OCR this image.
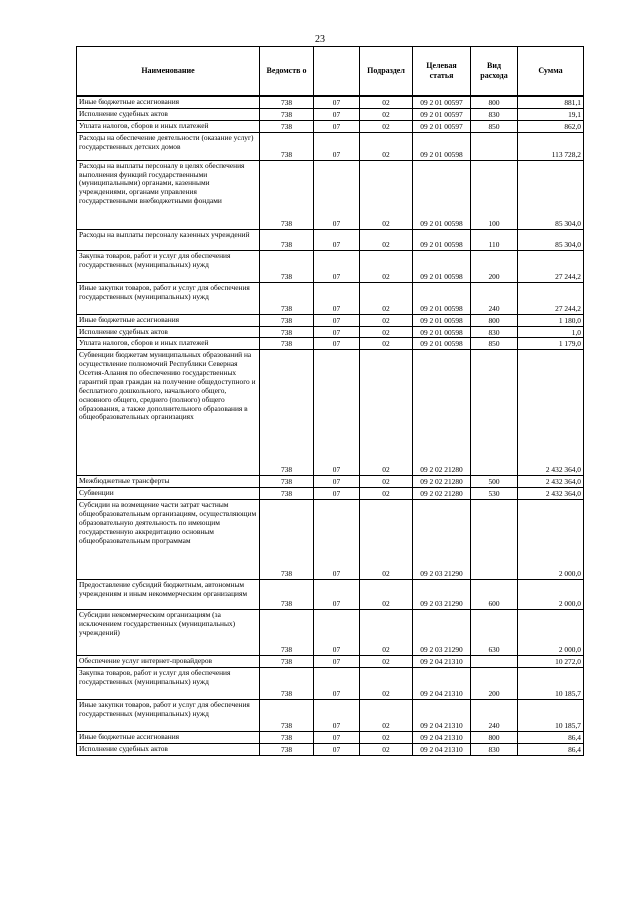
23
Наименование	Ведомств о		Подраздел	Целевая статья	Вид расхода	Сумма
Иные бюджетные ассигнования	738	07	02	09 2 01 00597	800	881,1
Исполнение судебных актов	738	07	02	09 2 01 00597	830	19,1
Уплата налогов, сборов и иных платежей	738	07	02	09 2 01 00597	850	862,0
Расходы на обеспечение деятельности (оказание услуг) государственных детских домов	738	07	02	09 2 01 00598		113 728,2
Расходы на выплаты персоналу в целях обеспечения выполнения функций государственными (муниципальными) органами, казенными учреждениями, органами управления государственными внебюджетными фондами	738	07	02	09 2 01 00598	100	85 304,0
Расходы на выплаты персоналу казенных учреждений	738	07	02	09 2 01 00598	110	85 304,0
Закупка товаров, работ и услуг для обеспечения государственных (муниципальных) нужд	738	07	02	09 2 01 00598	200	27 244,2
Иные закупки товаров, работ и услуг для обеспечения государственных (муниципальных) нужд	738	07	02	09 2 01 00598	240	27 244,2
Иные бюджетные ассигнования	738	07	02	09 2 01 00598	800	1 180,0
Исполнение судебных актов	738	07	02	09 2 01 00598	830	1,0
Уплата налогов, сборов и иных платежей	738	07	02	09 2 01 00598	850	1 179,0
Субвенции бюджетам муниципальных образований на осуществление полномочий Республики Северная Осетия-Алания по обеспечению государственных гарантий прав граждан на получение общедоступного и бесплатного дошкольного, начального общего, основного общего, среднего (полного) общего образования, а также дополнительного образования в общеобразовательных организациях	738	07	02	09 2 02 21280		2 432 364,0
Межбюджетные трансферты	738	07	02	09 2 02 21280	500	2 432 364,0
Субвенции	738	07	02	09 2 02 21280	530	2 432 364,0
Субсидии на возмещение части затрат частным общеобразовательным организациям, осуществляющим образовательную деятельность по имеющим государственную аккредитацию основным общеобразовательным программам	738	07	02	09 2 03 21290		2 000,0
Предоставление субсидий бюджетным, автономным учреждениям и иным некоммерческим организациям	738	07	02	09 2 03 21290	600	2 000,0
Субсидии некоммерческим организациям (за исключением государственных (муниципальных) учреждений)	738	07	02	09 2 03 21290	630	2 000,0
Обеспечение услуг интернет-провайдеров	738	07	02	09 2 04 21310		10 272,0
Закупка товаров, работ и услуг для обеспечения государственных (муниципальных) нужд	738	07	02	09 2 04 21310	200	10 185,7
Иные закупки товаров, работ и услуг для обеспечения государственных (муниципальных) нужд	738	07	02	09 2 04 21310	240	10 185,7
Иные бюджетные ассигнования	738	07	02	09 2 04 21310	800	86,4
Исполнение судебных актов	738	07	02	09 2 04 21310	830	86,4
